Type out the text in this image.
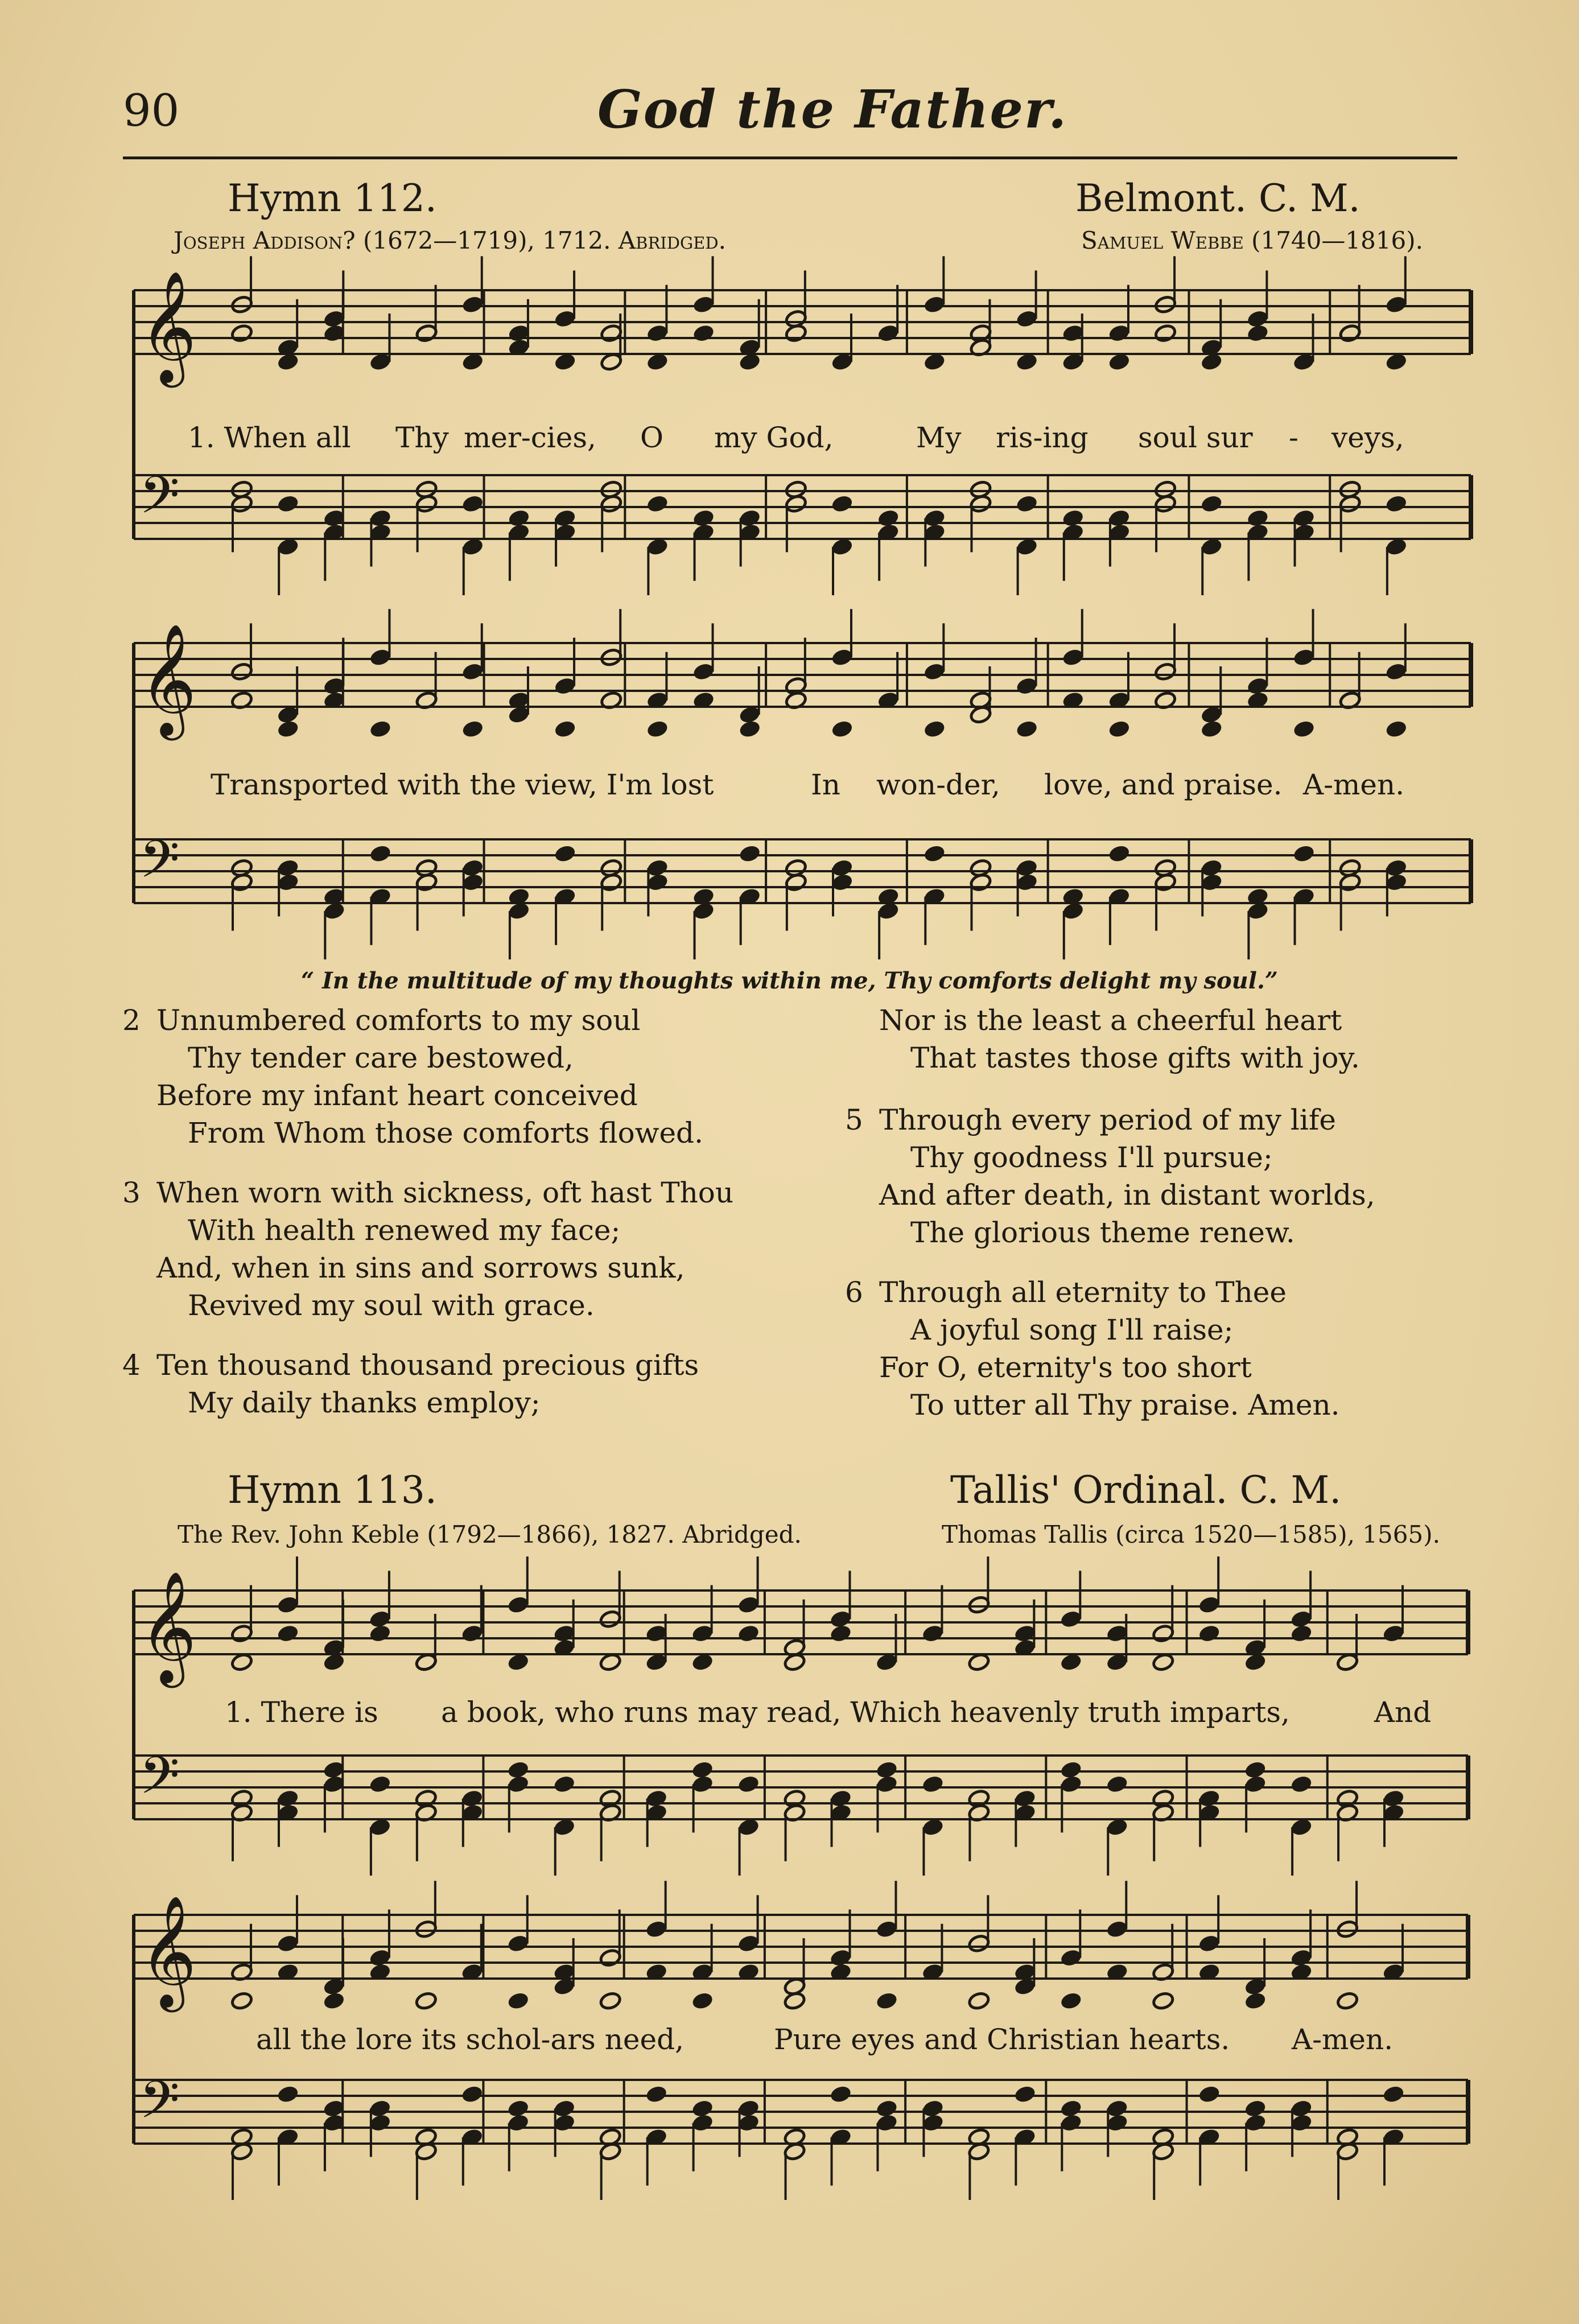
90	God the Father.
Hymn 112.
Joseph Addison? (1672—1719), 1712. Abridged.
Belmont. C. M.
Samuel Webbe (1740—1816).
𝄞
𝄢
𝄞
𝄢
𝄞
𝄢
𝄞
𝄢
1. When all Thy mer-cies, O my God,	My ris-ing soul sur - veys,
Transported with the view, I'm lost	In won-der, love, and praise. A-men.
“ In the multitude of my thoughts within me, Thy comforts delight my soul.”
2 Unnumbered comforts to my soul
Thy tender care bestowed,
Before my infant heart conceived
From Whom those comforts flowed.
3 When worn with sickness, oft hast Thou
With health renewed my face;
And, when in sins and sorrows sunk,
Revived my soul with grace.
4 Ten thousand thousand precious gifts
My daily thanks employ;
Nor is the least a cheerful heart
That tastes those gifts with joy.
5 Through every period of my life
Thy goodness I'll pursue;
And after death, in distant worlds,
The glorious theme renew.
6 Through all eternity to Thee
A joyful song I'll raise;
For O, eternity's too short
To utter all Thy praise. Amen.
Hymn 113.
The Rev. John Keble (1792—1866), 1827. Abridged.
Tallis' Ordinal. C. M.
Thomas Tallis (circa 1520—1585), 1565).
1. There is a book, who runs may read, Which heavenly truth imparts,	And
all the lore its schol-ars need,	Pure eyes and Christian hearts. A-men.
